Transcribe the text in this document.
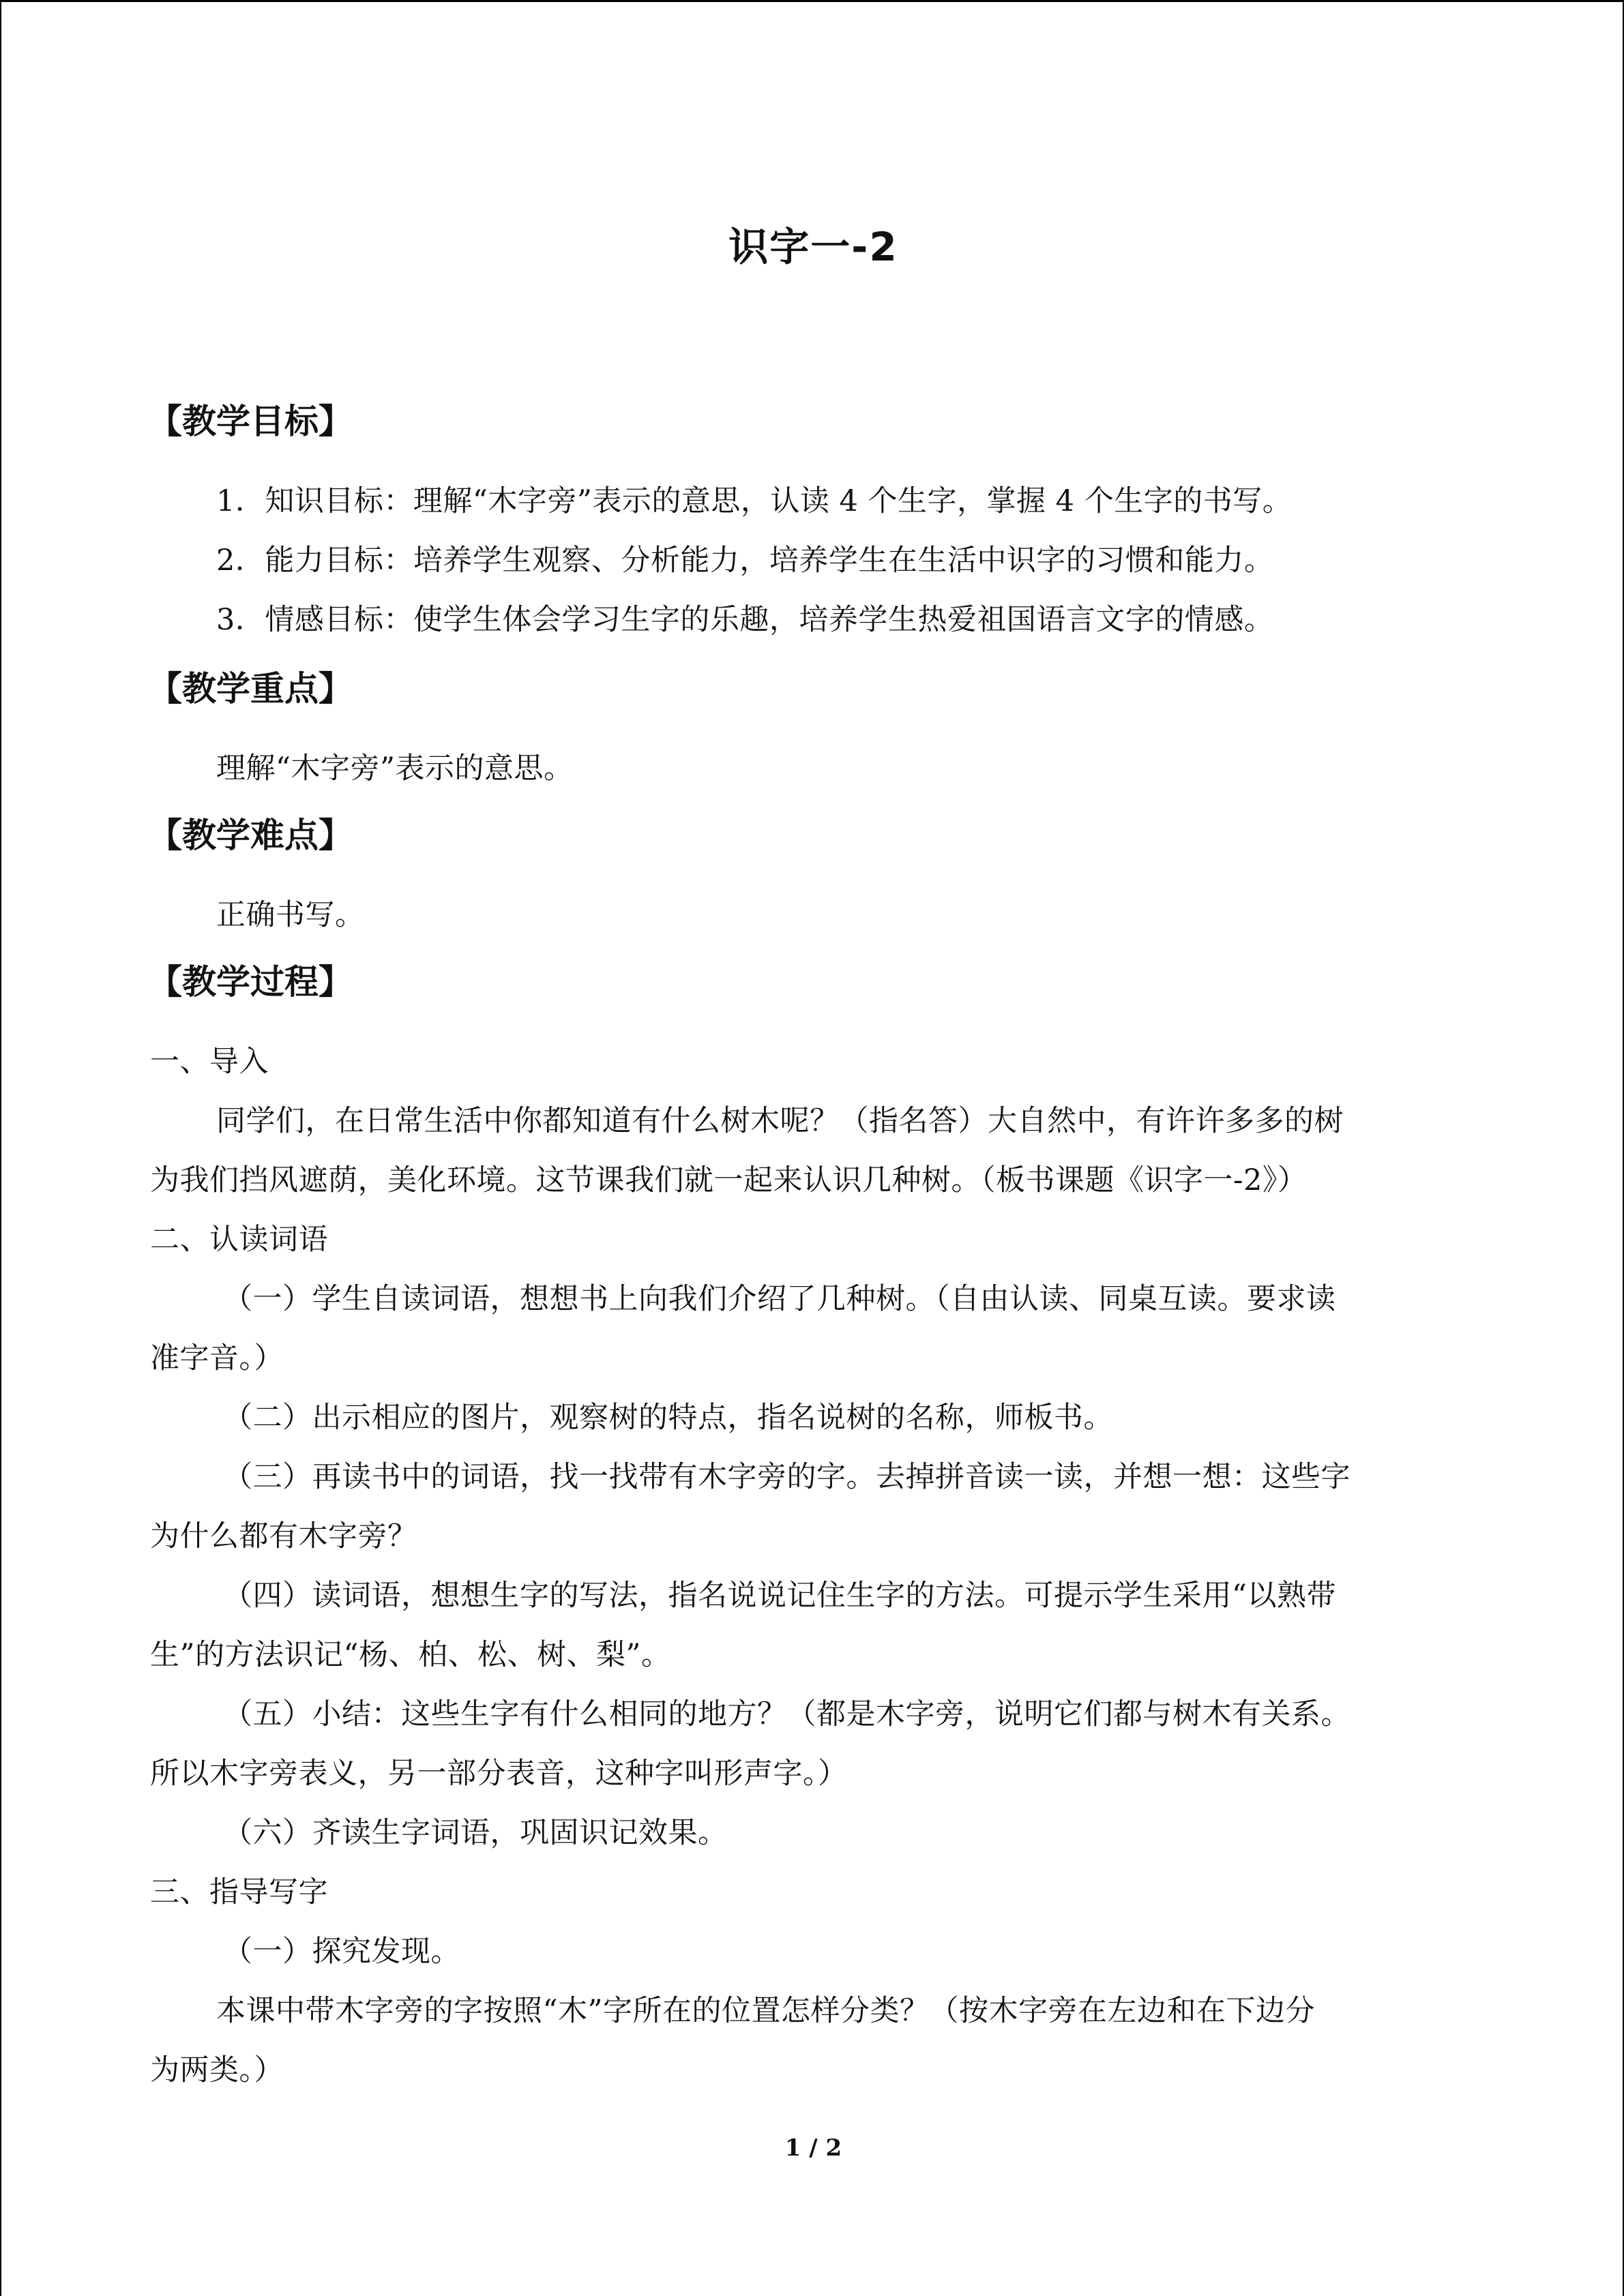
识字一-2
【教学目标】
1．知识目标：理解“木字旁”表示的意思，认读 4 个生字，掌握 4 个生字的书写。
2．能力目标：培养学生观察、分析能力，培养学生在生活中识字的习惯和能力。
3．情感目标：使学生体会学习生字的乐趣，培养学生热爱祖国语言文字的情感。
【教学重点】
理解“木字旁”表示的意思。
【教学难点】
正确书写。
【教学过程】
一、导入
同学们，在日常生活中你都知道有什么树木呢？（指名答）大自然中，有许许多多的树
为我们挡风遮荫，美化环境。这节课我们就一起来认识几种树。（板书课题《识字一-2》）
二、认读词语
（一）学生自读词语，想想书上向我们介绍了几种树。（自由认读、同桌互读。要求读
准字音。）
（二）出示相应的图片，观察树的特点，指名说树的名称，师板书。
（三）再读书中的词语，找一找带有木字旁的字。去掉拼音读一读，并想一想：这些字
为什么都有木字旁？
（四）读词语，想想生字的写法，指名说说记住生字的方法。可提示学生采用“以熟带
生”的方法识记“杨、柏、松、树、梨”。
（五）小结：这些生字有什么相同的地方？（都是木字旁，说明它们都与树木有关系。
所以木字旁表义，另一部分表音，这种字叫形声字。）
（六）齐读生字词语，巩固识记效果。
三、指导写字
（一）探究发现。
本课中带木字旁的字按照“木”字所在的位置怎样分类？（按木字旁在左边和在下边分
为两类。）
1 / 2
